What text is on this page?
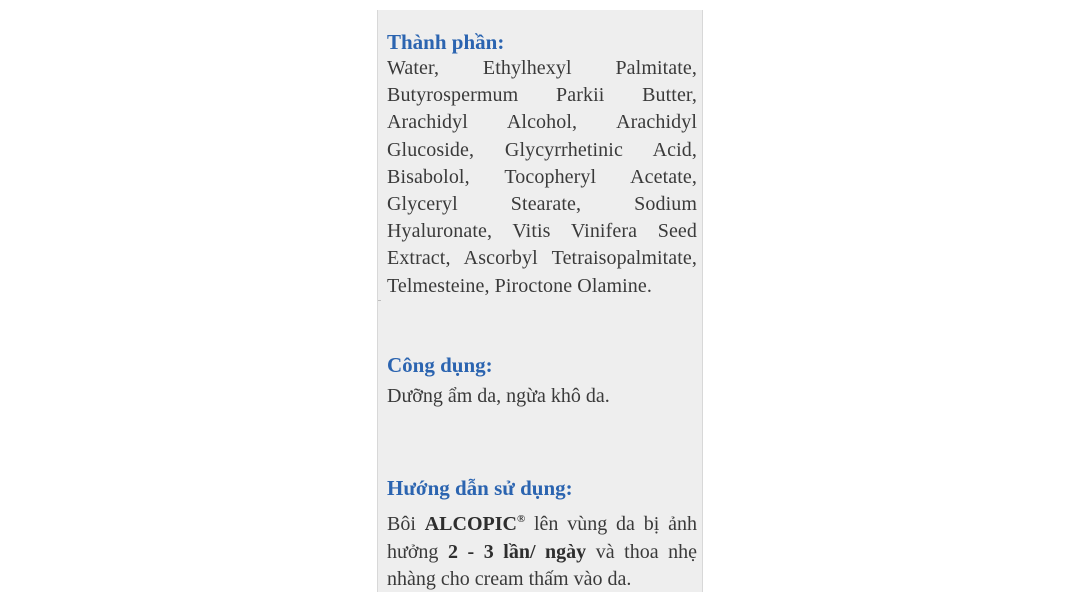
Thành phần:

Water, Ethylhexyl Palmitate, Butyrospermum Parkii Butter, Arachidyl Alcohol, Arachidyl Glucoside, Glycyrrhetinic Acid, Bisabolol, Tocopheryl Acetate, Glyceryl Stearate, Sodium Hyaluronate, Vitis Vinifera Seed Extract, Ascorbyl Tetraisopalmitate, Telmesteine, Piroctone Olamine.

Công dụng:

Dưỡng ẩm da, ngừa khô da.

Hướng dẫn sử dụng:

Bôi ALCOPIC® lên vùng da bị ảnh hưởng 2 - 3 lần/ ngày và thoa nhẹ nhàng cho cream thấm vào da.
